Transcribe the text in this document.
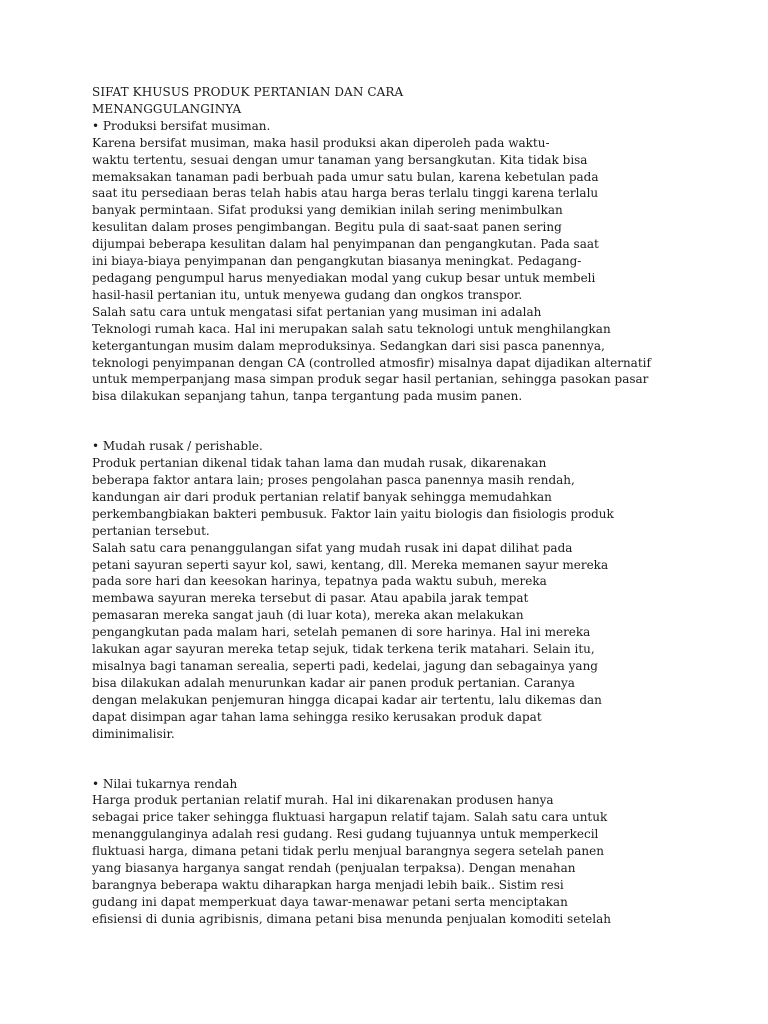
SIFAT KHUSUS PRODUK PERTANIAN DAN CARA
MENANGGULANGINYA
• Produksi bersifat musiman.
Karena bersifat musiman, maka hasil produksi akan diperoleh pada waktu-
waktu tertentu, sesuai dengan umur tanaman yang bersangkutan. Kita tidak bisa
memaksakan tanaman padi berbuah pada umur satu bulan, karena kebetulan pada
saat itu persediaan beras telah habis atau harga beras terlalu tinggi karena terlalu
banyak permintaan. Sifat produksi yang demikian inilah sering menimbulkan
kesulitan dalam proses pengimbangan. Begitu pula di saat-saat panen sering
dijumpai beberapa kesulitan dalam hal penyimpanan dan pengangkutan. Pada saat
ini biaya-biaya penyimpanan dan pengangkutan biasanya meningkat. Pedagang-
pedagang pengumpul harus menyediakan modal yang cukup besar untuk membeli
hasil-hasil pertanian itu, untuk menyewa gudang dan ongkos transpor.
Salah satu cara untuk mengatasi sifat pertanian yang musiman ini adalah
Teknologi rumah kaca. Hal ini merupakan salah satu teknologi untuk menghilangkan
ketergantungan musim dalam meproduksinya. Sedangkan dari sisi pasca panennya,
teknologi penyimpanan dengan CA (controlled atmosfir) misalnya dapat dijadikan alternatif
untuk memperpanjang masa simpan produk segar hasil pertanian, sehingga pasokan pasar
bisa dilakukan sepanjang tahun, tanpa tergantung pada musim panen.
• Mudah rusak / perishable.
Produk pertanian dikenal tidak tahan lama dan mudah rusak, dikarenakan
beberapa faktor antara lain; proses pengolahan pasca panennya masih rendah,
kandungan air dari produk pertanian relatif banyak sehingga memudahkan
perkembangbiakan bakteri pembusuk. Faktor lain yaitu biologis dan fisiologis produk
pertanian tersebut.
Salah satu cara penanggulangan sifat yang mudah rusak ini dapat dilihat pada
petani sayuran seperti sayur kol, sawi, kentang, dll. Mereka memanen sayur mereka
pada sore hari dan keesokan harinya, tepatnya pada waktu subuh, mereka
membawa sayuran mereka tersebut di pasar. Atau apabila jarak tempat
pemasaran mereka sangat jauh (di luar kota), mereka akan melakukan
pengangkutan pada malam hari, setelah pemanen di sore harinya. Hal ini mereka
lakukan agar sayuran mereka tetap sejuk, tidak terkena terik matahari. Selain itu,
misalnya bagi tanaman serealia, seperti padi, kedelai, jagung dan sebagainya yang
bisa dilakukan adalah menurunkan kadar air panen produk pertanian. Caranya
dengan melakukan penjemuran hingga dicapai kadar air tertentu, lalu dikemas dan
dapat disimpan agar tahan lama sehingga resiko kerusakan produk dapat
diminimalisir.
• Nilai tukarnya rendah
Harga produk pertanian relatif murah. Hal ini dikarenakan produsen hanya
sebagai price taker sehingga fluktuasi hargapun relatif tajam. Salah satu cara untuk
menanggulanginya adalah resi gudang. Resi gudang tujuannya untuk memperkecil
fluktuasi harga, dimana petani tidak perlu menjual barangnya segera setelah panen
yang biasanya harganya sangat rendah (penjualan terpaksa). Dengan menahan
barangnya beberapa waktu diharapkan harga menjadi lebih baik.. Sistim resi
gudang ini dapat memperkuat daya tawar-menawar petani serta menciptakan
efisiensi di dunia agribisnis, dimana petani bisa menunda penjualan komoditi setelah
